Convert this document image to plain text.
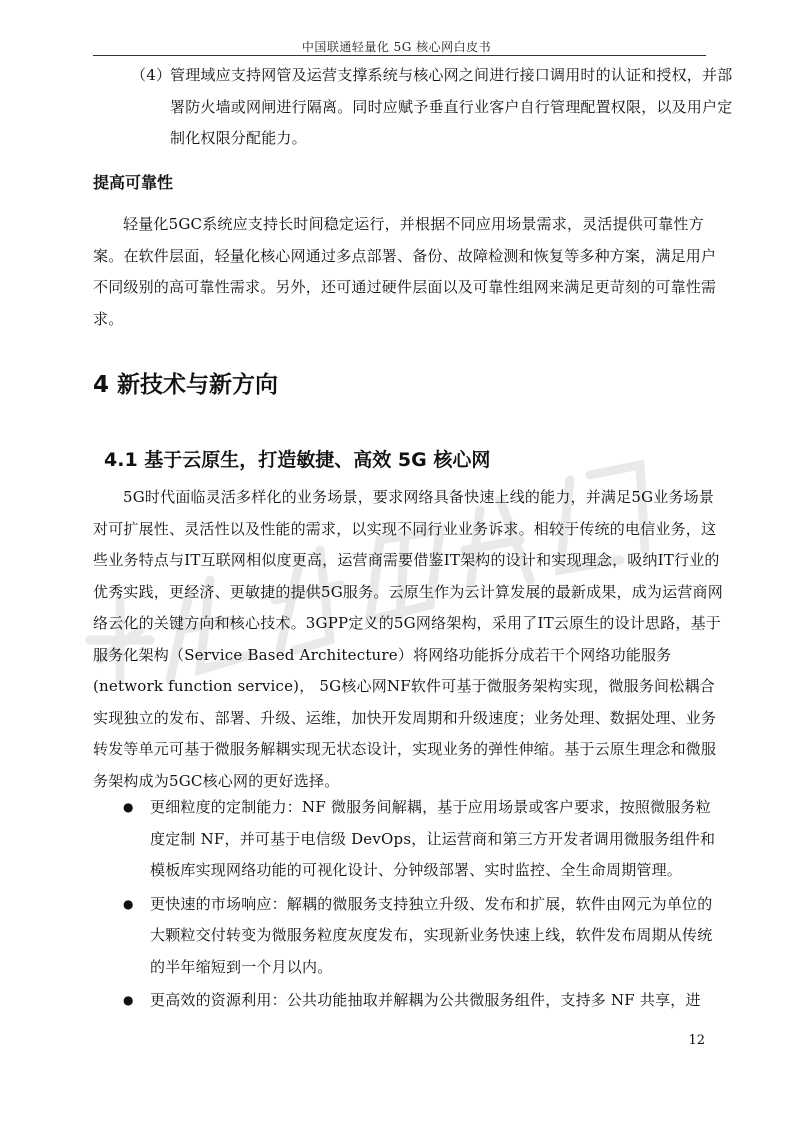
中国联通轻量化 5G 核心网白皮书
（4）
管理域应支持网管及运营支撑系统与核心网之间进行接口调用时的认证和授权，并部署防火墙或网闸进行隔离。同时应赋予垂直行业客户自行管理配置权限，以及用户定制化权限分配能力。
提高可靠性

轻量化5GC系统应支持长时间稳定运行，并根据不同应用场景需求，灵活提供可靠性方案。在软件层面，轻量化核心网通过多点部署、备份、故障检测和恢复等多种方案，满足用户不同级别的高可靠性需求。另外，还可通过硬件层面以及可靠性组网来满足更苛刻的可靠性需求。

4 新技术与新方向
4.1 基于云原生，打造敏捷、高效 5G 核心网

5G时代面临灵活多样化的业务场景，要求网络具备快速上线的能力，并满足5G业务场景对可扩展性、灵活性以及性能的需求，以实现不同行业业务诉求。相较于传统的电信业务，这些业务特点与IT互联网相似度更高，运营商需要借鉴IT架构的设计和实现理念，吸纳IT行业的优秀实践，更经济、更敏捷的提供5G服务。云原生作为云计算发展的最新成果，成为运营商网络云化的关键方向和核心技术。3GPP定义的5G网络架构，采用了IT云原生的设计思路，基于服务化架构（Service Based Architecture）将网络功能拆分成若干个网络功能服务(network function service)， 5G核心网NF软件可基于微服务架构实现，微服务间松耦合实现独立的发布、部署、升级、运维，加快开发周期和升级速度；业务处理、数据处理、业务转发等单元可基于微服务解耦实现无状态设计，实现业务的弹性伸缩。基于云原生理念和微服务架构成为5GC核心网的更好选择。

● 更细粒度的定制能力：NF 微服务间解耦，基于应用场景或客户要求，按照微服务粒度定制 NF，并可基于电信级 DevOps，让运营商和第三方开发者调用微服务组件和模板库实现网络功能的可视化设计、分钟级部署、实时监控、全生命周期管理。
● 更快速的市场响应：解耦的微服务支持独立升级、发布和扩展，软件由网元为单位的大颗粒交付转变为微服务粒度灰度发布，实现新业务快速上线，软件发布周期从传统的半年缩短到一个月以内。
● 更高效的资源利用：公共功能抽取并解耦为公共微服务组件，支持多 NF 共享，进
12
